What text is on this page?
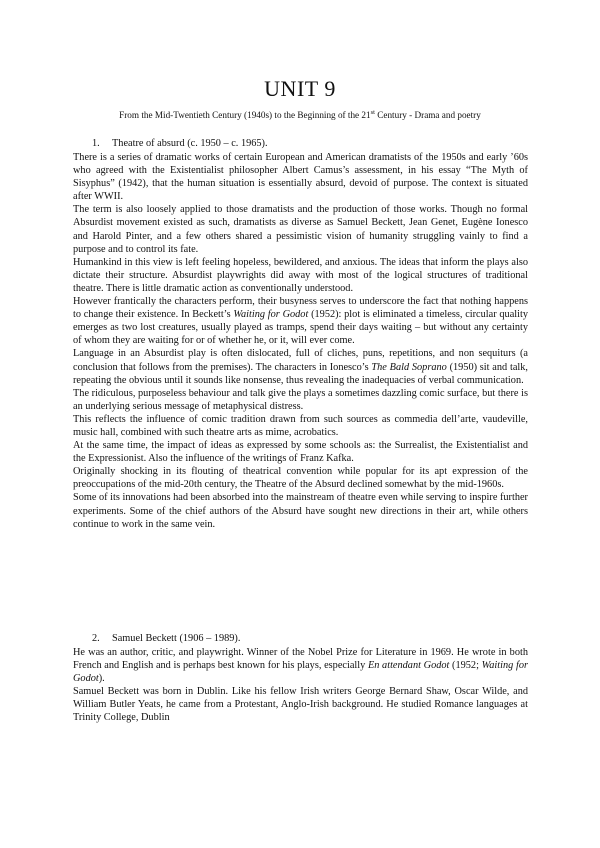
UNIT 9
From the Mid-Twentieth Century (1940s) to the Beginning of the 21st Century - Drama and poetry
1. Theatre of absurd (c. 1950 – c. 1965).

There is a series of dramatic works of certain European and American dramatists of the 1950s and early ’60s who agreed with the Existentialist philosopher Albert Camus’s assessment, in his essay “The Myth of Sisyphus” (1942), that the human situation is essentially absurd, devoid of purpose. The context is situated after WWII.

The term is also loosely applied to those dramatists and the production of those works. Though no formal Absurdist movement existed as such, dramatists as diverse as Samuel Beckett, Jean Genet, Eugène Ionesco and Harold Pinter, and a few others shared a pessimistic vision of humanity struggling vainly to find a purpose and to control its fate.

Humankind in this view is left feeling hopeless, bewildered, and anxious. The ideas that inform the plays also dictate their structure. Absurdist playwrights did away with most of the logical structures of traditional theatre. There is little dramatic action as conventionally understood.

However frantically the characters perform, their busyness serves to underscore the fact that nothing happens to change their existence. In Beckett’s Waiting for Godot (1952): plot is eliminated a timeless, circular quality emerges as two lost creatures, usually played as tramps, spend their days waiting – but without any certainty of whom they are waiting for or of whether he, or it, will ever come.

Language in an Absurdist play is often dislocated, full of cliches, puns, repetitions, and non sequiturs (a conclusion that follows from the premises). The characters in Ionesco’s The Bald Soprano (1950) sit and talk, repeating the obvious until it sounds like nonsense, thus revealing the inadequacies of verbal communication.

The ridiculous, purposeless behaviour and talk give the plays a sometimes dazzling comic surface, but there is an underlying serious message of metaphysical distress.

This reflects the influence of comic tradition drawn from such sources as commedia dell’arte, vaudeville, music hall, combined with such theatre arts as mime, acrobatics.

At the same time, the impact of ideas as expressed by some schools as: the Surrealist, the Existentialist and the Expressionist. Also the influence of the writings of Franz Kafka.

Originally shocking in its flouting of theatrical convention while popular for its apt expression of the preoccupations of the mid-20th century, the Theatre of the Absurd declined somewhat by the mid-1960s.

Some of its innovations had been absorbed into the mainstream of theatre even while serving to inspire further experiments. Some of the chief authors of the Absurd have sought new directions in their art, while others continue to work in the same vein.

2. Samuel Beckett (1906 – 1989).

He was an author, critic, and playwright. Winner of the Nobel Prize for Literature in 1969. He wrote in both French and English and is perhaps best known for his plays, especially En attendant Godot (1952; Waiting for Godot).

Samuel Beckett was born in Dublin. Like his fellow Irish writers George Bernard Shaw, Oscar Wilde, and William Butler Yeats, he came from a Protestant, Anglo-Irish background. He studied Romance languages at Trinity College, Dublin
